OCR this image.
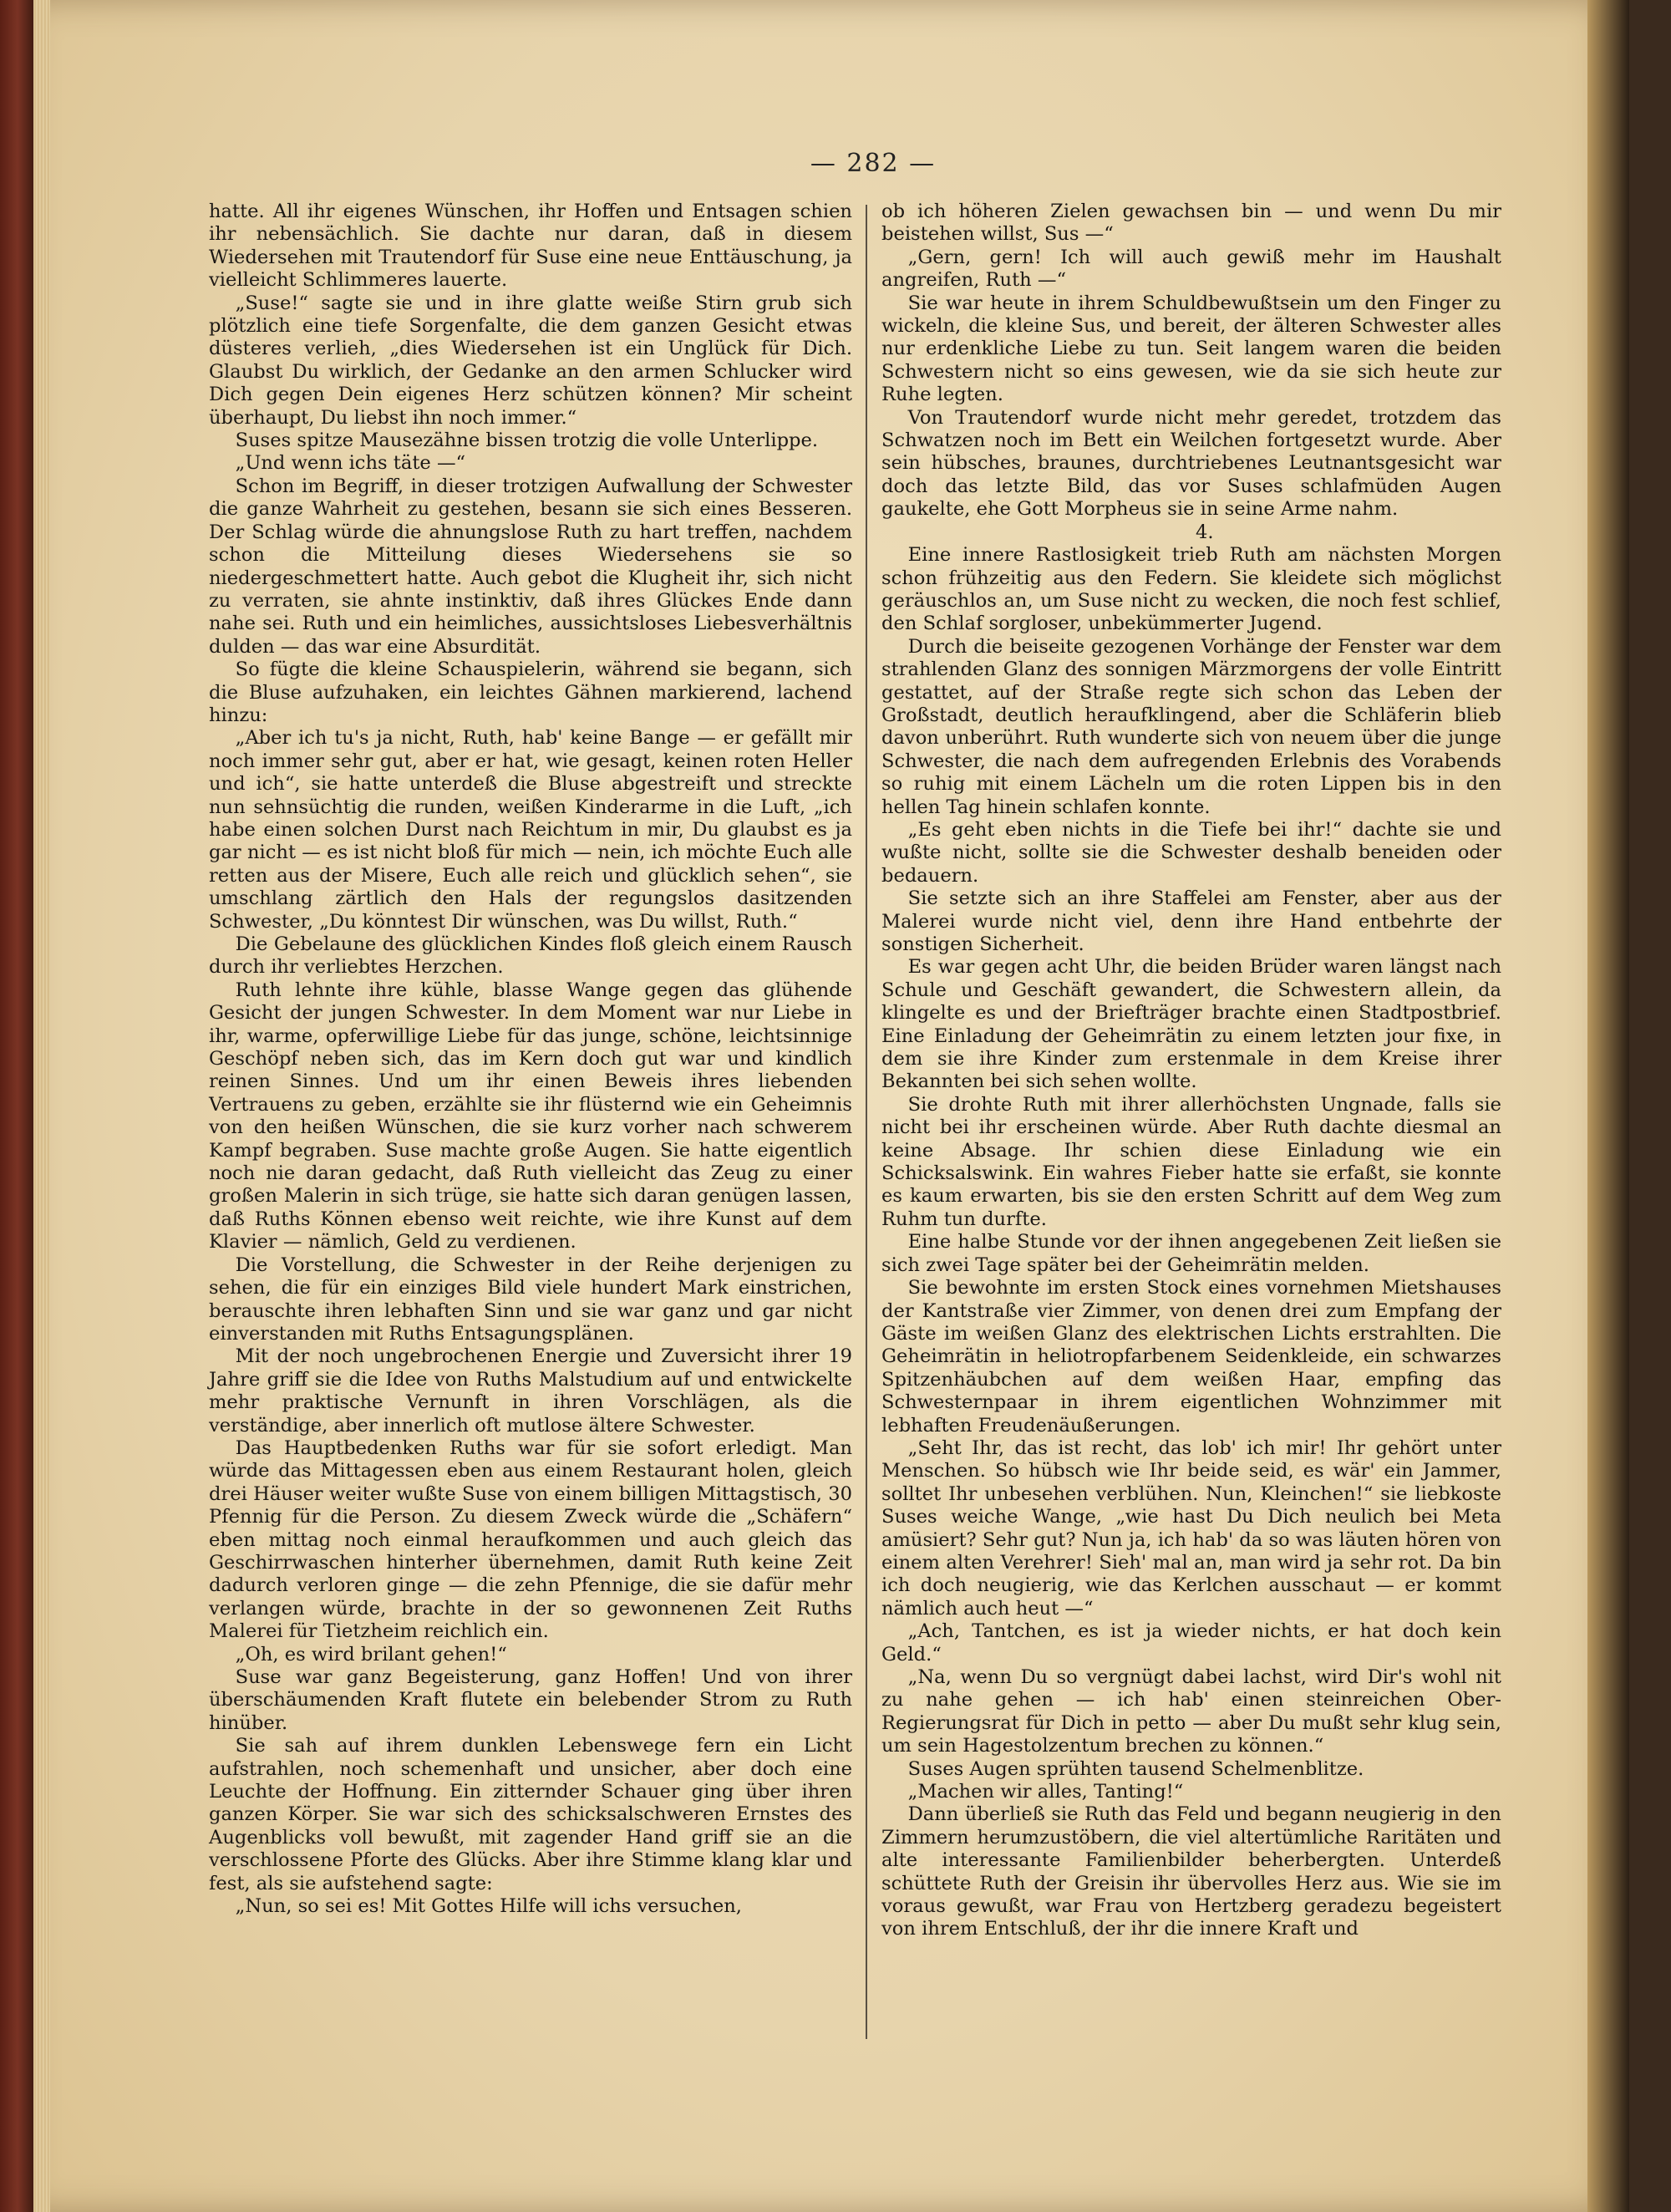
— 282 —

hatte. All ihr eigenes Wünschen, ihr Hoffen und Entsagen schien ihr nebensächlich. Sie dachte nur daran, daß in diesem Wiedersehen mit Trautendorf für Suse eine neue Enttäuschung, ja vielleicht Schlimmeres lauerte.

„Suse!“ sagte sie und in ihre glatte weiße Stirn grub sich plötzlich eine tiefe Sorgenfalte, die dem ganzen Gesicht etwas düsteres verlieh, „dies Wiedersehen ist ein Unglück für Dich. Glaubst Du wirklich, der Gedanke an den armen Schlucker wird Dich gegen Dein eigenes Herz schützen können? Mir scheint überhaupt, Du liebst ihn noch immer.“

Suses spitze Mausezähne bissen trotzig die volle Unterlippe.

„Und wenn ichs täte —“

Schon im Begriff, in dieser trotzigen Aufwallung der Schwester die ganze Wahrheit zu gestehen, besann sie sich eines Besseren. Der Schlag würde die ahnungslose Ruth zu hart treffen, nachdem schon die Mitteilung dieses Wiedersehens sie so niedergeschmettert hatte. Auch gebot die Klugheit ihr, sich nicht zu verraten, sie ahnte instinktiv, daß ihres Glückes Ende dann nahe sei. Ruth und ein heimliches, aussichtsloses Liebesverhältnis dulden — das war eine Absurdität.

So fügte die kleine Schauspielerin, während sie begann, sich die Bluse aufzuhaken, ein leichtes Gähnen markierend, lachend hinzu:

„Aber ich tu's ja nicht, Ruth, hab' keine Bange — er gefällt mir noch immer sehr gut, aber er hat, wie gesagt, keinen roten Heller und ich“, sie hatte unterdeß die Bluse abgestreift und streckte nun sehnsüchtig die runden, weißen Kinderarme in die Luft, „ich habe einen solchen Durst nach Reichtum in mir, Du glaubst es ja gar nicht — es ist nicht bloß für mich — nein, ich möchte Euch alle retten aus der Misere, Euch alle reich und glücklich sehen“, sie umschlang zärtlich den Hals der regungslos dasitzenden Schwester, „Du könntest Dir wünschen, was Du willst, Ruth.“

Die Gebelaune des glücklichen Kindes floß gleich einem Rausch durch ihr verliebtes Herzchen.

Ruth lehnte ihre kühle, blasse Wange gegen das glühende Gesicht der jungen Schwester. In dem Moment war nur Liebe in ihr, warme, opferwillige Liebe für das junge, schöne, leichtsinnige Geschöpf neben sich, das im Kern doch gut war und kindlich reinen Sinnes. Und um ihr einen Beweis ihres liebenden Vertrauens zu geben, erzählte sie ihr flüsternd wie ein Geheimnis von den heißen Wünschen, die sie kurz vorher nach schwerem Kampf begraben. Suse machte große Augen. Sie hatte eigentlich noch nie daran gedacht, daß Ruth vielleicht das Zeug zu einer großen Malerin in sich trüge, sie hatte sich daran genügen lassen, daß Ruths Können ebenso weit reichte, wie ihre Kunst auf dem Klavier — nämlich, Geld zu verdienen.

Die Vorstellung, die Schwester in der Reihe derjenigen zu sehen, die für ein einziges Bild viele hundert Mark einstrichen, berauschte ihren lebhaften Sinn und sie war ganz und gar nicht einverstanden mit Ruths Entsagungsplänen.

Mit der noch ungebrochenen Energie und Zuversicht ihrer 19 Jahre griff sie die Idee von Ruths Malstudium auf und entwickelte mehr praktische Vernunft in ihren Vorschlägen, als die verständige, aber innerlich oft mutlose ältere Schwester.

Das Hauptbedenken Ruths war für sie sofort erledigt. Man würde das Mittagessen eben aus einem Restaurant holen, gleich drei Häuser weiter wußte Suse von einem billigen Mittagstisch, 30 Pfennig für die Person. Zu diesem Zweck würde die „Schäfern“ eben mittag noch einmal heraufkommen und auch gleich das Geschirrwaschen hinterher übernehmen, damit Ruth keine Zeit dadurch verloren ginge — die zehn Pfennige, die sie dafür mehr verlangen würde, brachte in der so gewonnenen Zeit Ruths Malerei für Tietzheim reichlich ein.

„Oh, es wird brilant gehen!“

Suse war ganz Begeisterung, ganz Hoffen! Und von ihrer überschäumenden Kraft flutete ein belebender Strom zu Ruth hinüber.

Sie sah auf ihrem dunklen Lebenswege fern ein Licht aufstrahlen, noch schemenhaft und unsicher, aber doch eine Leuchte der Hoffnung. Ein zitternder Schauer ging über ihren ganzen Körper. Sie war sich des schicksalschweren Ernstes des Augenblicks voll bewußt, mit zagender Hand griff sie an die verschlossene Pforte des Glücks. Aber ihre Stimme klang klar und fest, als sie aufstehend sagte:

„Nun, so sei es! Mit Gottes Hilfe will ichs versuchen,

ob ich höheren Zielen gewachsen bin — und wenn Du mir beistehen willst, Sus —“

„Gern, gern! Ich will auch gewiß mehr im Haushalt angreifen, Ruth —“

Sie war heute in ihrem Schuldbewußtsein um den Finger zu wickeln, die kleine Sus, und bereit, der älteren Schwester alles nur erdenkliche Liebe zu tun. Seit langem waren die beiden Schwestern nicht so eins gewesen, wie da sie sich heute zur Ruhe legten.

Von Trautendorf wurde nicht mehr geredet, trotzdem das Schwatzen noch im Bett ein Weilchen fortgesetzt wurde. Aber sein hübsches, braunes, durchtriebenes Leutnantsgesicht war doch das letzte Bild, das vor Suses schlafmüden Augen gaukelte, ehe Gott Morpheus sie in seine Arme nahm.

4.

Eine innere Rastlosigkeit trieb Ruth am nächsten Morgen schon frühzeitig aus den Federn. Sie kleidete sich möglichst geräuschlos an, um Suse nicht zu wecken, die noch fest schlief, den Schlaf sorgloser, unbekümmerter Jugend.

Durch die beiseite gezogenen Vorhänge der Fenster war dem strahlenden Glanz des sonnigen Märzmorgens der volle Eintritt gestattet, auf der Straße regte sich schon das Leben der Großstadt, deutlich heraufklingend, aber die Schläferin blieb davon unberührt. Ruth wunderte sich von neuem über die junge Schwester, die nach dem aufregenden Erlebnis des Vorabends so ruhig mit einem Lächeln um die roten Lippen bis in den hellen Tag hinein schlafen konnte.

„Es geht eben nichts in die Tiefe bei ihr!“ dachte sie und wußte nicht, sollte sie die Schwester deshalb beneiden oder bedauern.

Sie setzte sich an ihre Staffelei am Fenster, aber aus der Malerei wurde nicht viel, denn ihre Hand entbehrte der sonstigen Sicherheit.

Es war gegen acht Uhr, die beiden Brüder waren längst nach Schule und Geschäft gewandert, die Schwestern allein, da klingelte es und der Briefträger brachte einen Stadtpostbrief. Eine Einladung der Geheimrätin zu einem letzten jour fixe, in dem sie ihre Kinder zum erstenmale in dem Kreise ihrer Bekannten bei sich sehen wollte.

Sie drohte Ruth mit ihrer allerhöchsten Ungnade, falls sie nicht bei ihr erscheinen würde. Aber Ruth dachte diesmal an keine Absage. Ihr schien diese Einladung wie ein Schicksalswink. Ein wahres Fieber hatte sie erfaßt, sie konnte es kaum erwarten, bis sie den ersten Schritt auf dem Weg zum Ruhm tun durfte.

Eine halbe Stunde vor der ihnen angegebenen Zeit ließen sie sich zwei Tage später bei der Geheimrätin melden.

Sie bewohnte im ersten Stock eines vornehmen Mietshauses der Kantstraße vier Zimmer, von denen drei zum Empfang der Gäste im weißen Glanz des elektrischen Lichts erstrahlten. Die Geheimrätin in heliotropfarbenem Seidenkleide, ein schwarzes Spitzenhäubchen auf dem weißen Haar, empfing das Schwesternpaar in ihrem eigentlichen Wohnzimmer mit lebhaften Freudenäußerungen.

„Seht Ihr, das ist recht, das lob' ich mir! Ihr gehört unter Menschen. So hübsch wie Ihr beide seid, es wär' ein Jammer, solltet Ihr unbesehen verblühen. Nun, Kleinchen!“ sie liebkoste Suses weiche Wange, „wie hast Du Dich neulich bei Meta amüsiert? Sehr gut? Nun ja, ich hab' da so was läuten hören von einem alten Verehrer! Sieh' mal an, man wird ja sehr rot. Da bin ich doch neugierig, wie das Kerlchen ausschaut — er kommt nämlich auch heut —“

„Ach, Tantchen, es ist ja wieder nichts, er hat doch kein Geld.“

„Na, wenn Du so vergnügt dabei lachst, wird Dir's wohl nit zu nahe gehen — ich hab' einen steinreichen Ober-Regierungsrat für Dich in petto — aber Du mußt sehr klug sein, um sein Hagestolzentum brechen zu können.“

Suses Augen sprühten tausend Schelmenblitze.

„Machen wir alles, Tanting!“

Dann überließ sie Ruth das Feld und begann neugierig in den Zimmern herumzustöbern, die viel altertümliche Raritäten und alte interessante Familienbilder beherbergten. Unterdeß schüttete Ruth der Greisin ihr übervolles Herz aus. Wie sie im voraus gewußt, war Frau von Hertzberg geradezu begeistert von ihrem Entschluß, der ihr die innere Kraft und
